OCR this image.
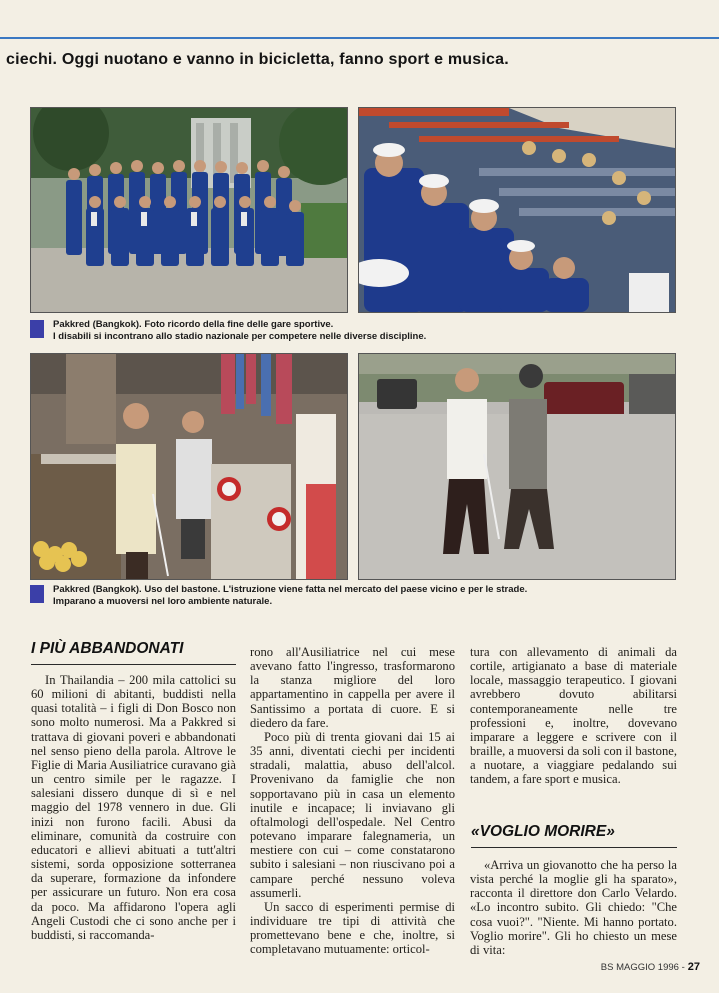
ciechi. Oggi nuotano e vanno in bicicletta, fanno sport e musica.
Pakkred (Bangkok). Foto ricordo della fine delle gare sportive.
I disabili si incontrano allo stadio nazionale per competere nelle diverse discipline.
Pakkred (Bangkok). Uso del bastone. L'istruzione viene fatta nel mercato del paese vicino e per le strade.
Imparano a muoversi nel loro ambiente naturale.
I PIÙ ABBANDONATI

In Thailandia – 200 mila cattolici su 60 milioni di abitanti, buddisti nella quasi totalità – i figli di Don Bosco non sono molto numerosi. Ma a Pakkred si trattava di giovani poveri e abbandonati nel senso pieno della parola. Altrove le Figlie di Maria Ausiliatrice curavano già un centro simile per le ragazze. I salesiani dissero dunque di sì e nel maggio del 1978 vennero in due. Gli inizi non furono facili. Abusi da eliminare, comunità da costruire con educatori e allievi abituati a tutt'altri sistemi, sorda opposizione sotterranea da superare, formazione da infondere per assicurare un futuro. Non era cosa da poco. Ma affidarono l'opera agli Angeli Custodi che ci sono anche per i buddisti, si raccomanda-

rono all'Ausiliatrice nel cui mese avevano fatto l'ingresso, trasformarono la stanza migliore del loro appartamentino in cappella per avere il Santissimo a portata di cuore. E si diedero da fare.

Poco più di trenta giovani dai 15 ai 35 anni, diventati ciechi per incidenti stradali, malattia, abuso dell'alcol. Provenivano da famiglie che non sopportavano più in casa un elemento inutile e incapace; li inviavano gli oftalmologi dell'ospedale. Nel Centro potevano imparare falegnameria, un mestiere con cui – come constatarono subito i salesiani – non riuscivano poi a campare perché nessuno voleva assumerli.

Un sacco di esperimenti permise di individuare tre tipi di attività che promettevano bene e che, inoltre, si completavano mutuamente: orticol-

tura con allevamento di animali da cortile, artigianato a base di materiale locale, massaggio terapeutico. I giovani avrebbero dovuto abilitarsi contemporaneamente nelle tre professioni e, inoltre, dovevano imparare a leggere e scrivere con il braille, a muoversi da soli con il bastone, a nuotare, a viaggiare pedalando sui tandem, a fare sport e musica.

«VOGLIO MORIRE»

«Arriva un giovanotto che ha perso la vista perché la moglie gli ha sparato», racconta il direttore don Carlo Velardo. «Lo incontro subito. Gli chiedo: "Che cosa vuoi?". "Niente. Mi hanno portato. Voglio morire". Gli ho chiesto un mese di vita:

BS MAGGIO 1996 - 27
